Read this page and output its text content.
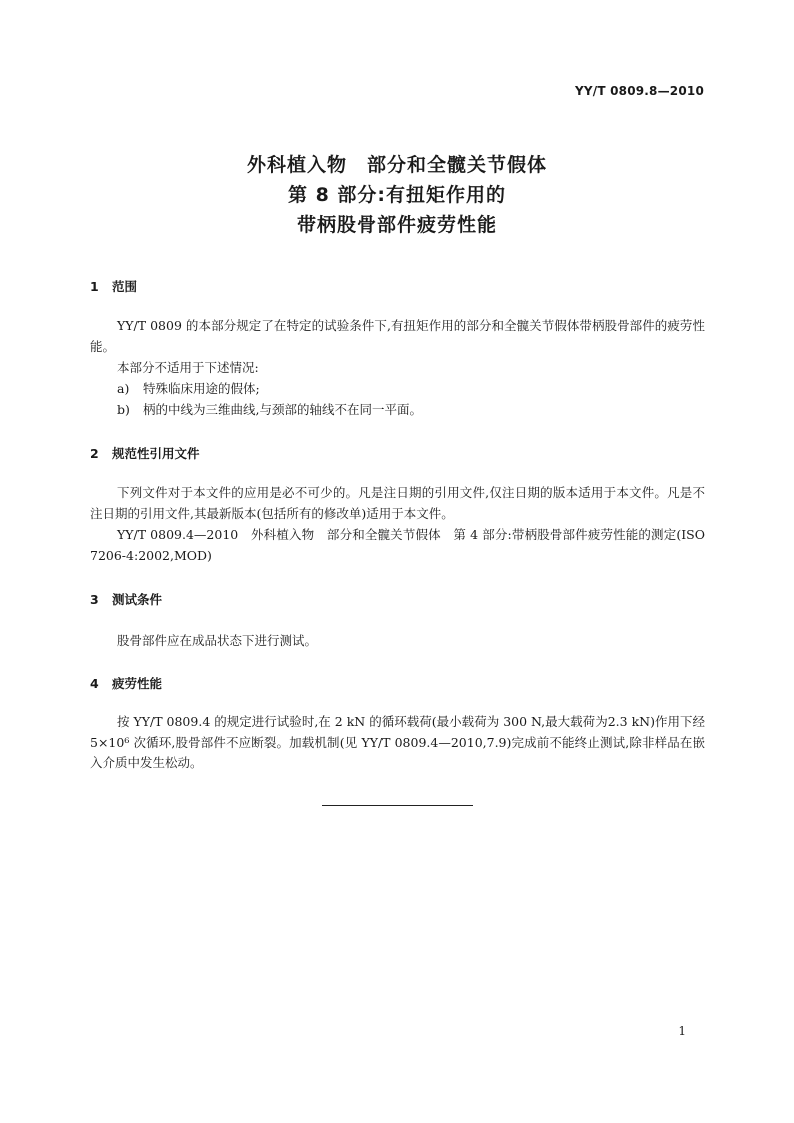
YY/T 0809.8—2010
外科植入物　部分和全髋关节假体
第 8 部分:有扭矩作用的
带柄股骨部件疲劳性能
1 范围
YY/T 0809 的本部分规定了在特定的试验条件下,有扭矩作用的部分和全髋关节假体带柄股骨部件的疲劳性能。
本部分不适用于下述情况:
a) 特殊临床用途的假体;
b) 柄的中线为三维曲线,与颈部的轴线不在同一平面。
2 规范性引用文件
下列文件对于本文件的应用是必不可少的。凡是注日期的引用文件,仅注日期的版本适用于本文件。凡是不注日期的引用文件,其最新版本(包括所有的修改单)适用于本文件。
YY/T 0809.4—2010　外科植入物　部分和全髋关节假体　第 4 部分:带柄股骨部件疲劳性能的测定(ISO 7206-4:2002,MOD)
3 测试条件
股骨部件应在成品状态下进行测试。
4 疲劳性能
按 YY/T 0809.4 的规定进行试验时,在 2 kN 的循环载荷(最小载荷为 300 N,最大载荷为2.3 kN)作用下经 5×10⁶ 次循环,股骨部件不应断裂。加载机制(见 YY/T 0809.4—2010,7.9)完成前不能终止测试,除非样品在嵌入介质中发生松动。
1
